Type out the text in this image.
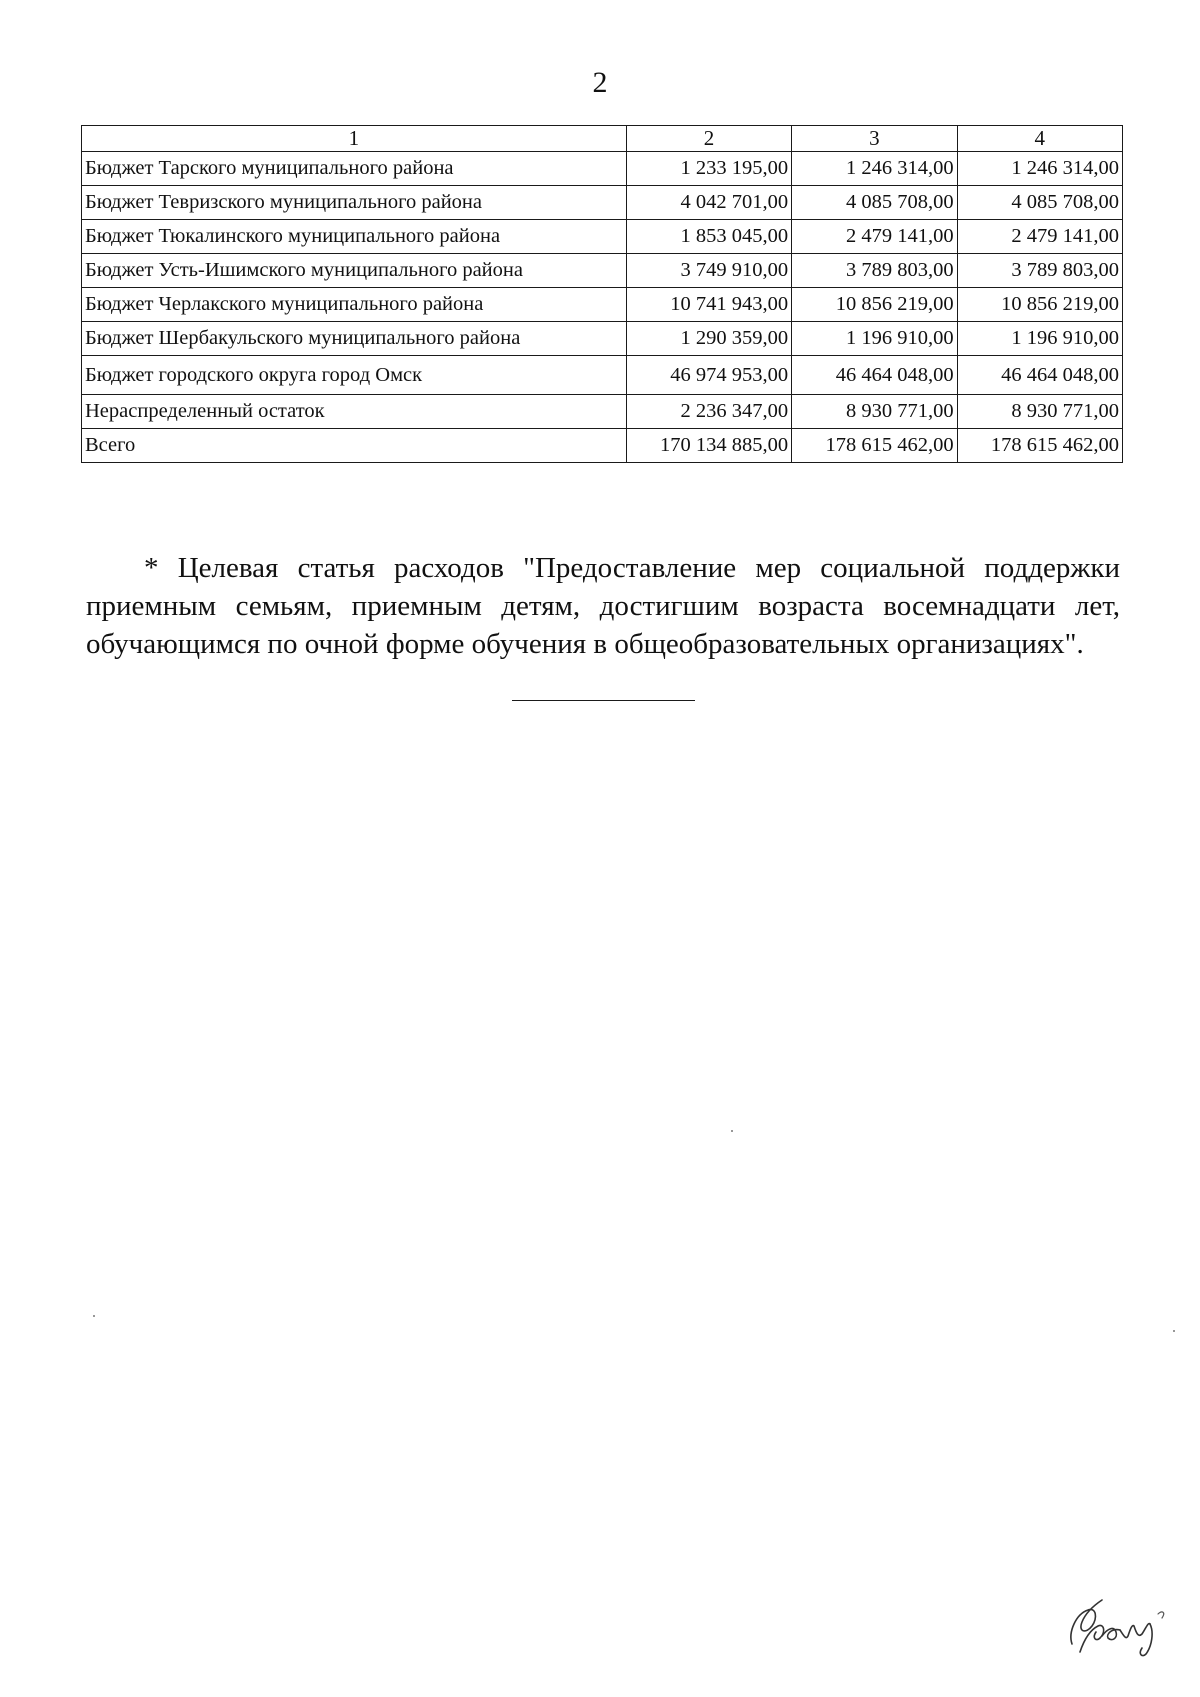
2
1	2	3	4
Бюджет Тарского муниципального района	1 233 195,00	1 246 314,00	1 246 314,00
Бюджет Тевризского муниципального района	4 042 701,00	4 085 708,00	4 085 708,00
Бюджет Тюкалинского муниципального района	1 853 045,00	2 479 141,00	2 479 141,00
Бюджет Усть-Ишимского муниципального района	3 749 910,00	3 789 803,00	3 789 803,00
Бюджет Черлакского муниципального района	10 741 943,00	10 856 219,00	10 856 219,00
Бюджет Шербакульского муниципального района	1 290 359,00	1 196 910,00	1 196 910,00
Бюджет городского округа город Омск	46 974 953,00	46 464 048,00	46 464 048,00
Нераспределенный остаток	2 236 347,00	8 930 771,00	8 930 771,00
Всего	170 134 885,00	178 615 462,00	178 615 462,00
* Целевая статья расходов "Предоставление мер социальной поддержки приемным семьям, приемным детям, достигшим возраста восемнадцати лет, обучающимся по очной форме обучения в общеобразовательных организациях".
